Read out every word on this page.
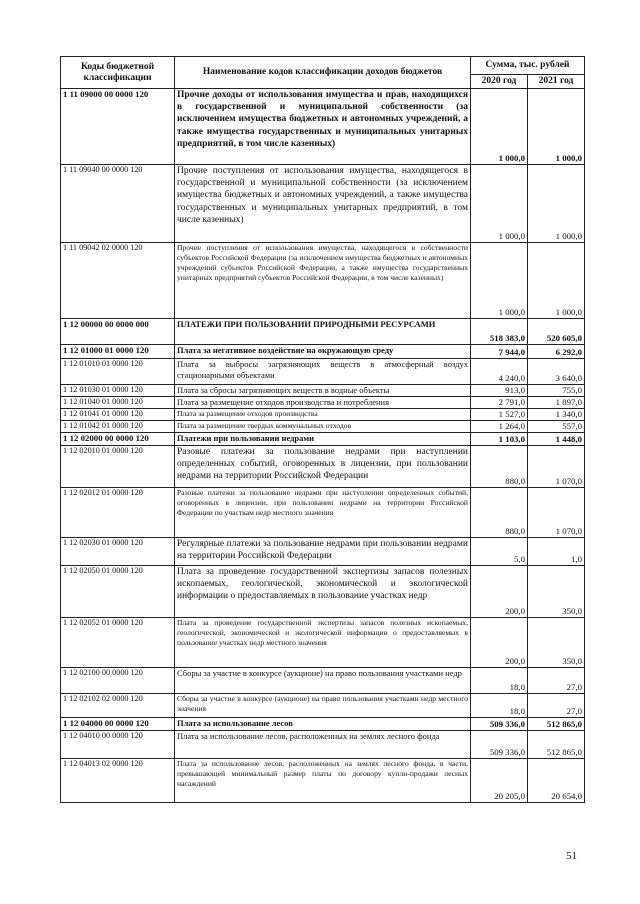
Коды бюджетной классификации	Наименование кодов классификации доходов бюджетов	Сумма, тыс. рублей	
		2020 год	2021 год
1 11 09000 00 0000 120	Прочие доходы от использования имущества и прав, находящихся в государственной и муниципальной собственности (за исключением имущества бюджетных и автономных учреждений, а также имущества государственных и муниципальных унитарных предприятий, в том числе казенных)	1 000,0	1 000,0
1 11 09040 00 0000 120	Прочие поступления от использования имущества, находящегося в государственной и муниципальной собственности (за исключением имущества бюджетных и автономных учреждений, а также имущества государственных и муниципальных унитарных предприятий, в том числе казенных)	1 000,0	1 000,0
1 11 09042 02 0000 120	Прочие поступления от использования имущества, находящегося в собственности субъектов Российской Федерации (за исключением имущества бюджетных и автономных учреждений субъектов Российской Федерации, а также имущества государственных унитарных предприятий субъектов Российской Федерации, в том числе казенных)	1 000,0	1 000,0
1 12 00000 00 0000 000	ПЛАТЕЖИ ПРИ ПОЛЬЗОВАНИИ ПРИРОДНЫМИ РЕСУРСАМИ	518 383,0	520 605,0
1 12 01000 01 0000 120	Плата за негативное воздействие на окружающую среду	7 944,0	6 292,0
1 12 01010 01 0000 120	Плата за выбросы загрязняющих веществ в атмосферный воздух стационарными объектами	4 240,0	3 640,0
1 12 01030 01 0000 120	Плата за сбросы загрязняющих веществ в водные объекты	913,0	755,0
1 12 01040 01 0000 120	Плата за размещение отходов производства и потребления	2 791,0	1 897,0
1 12 01041 01 0000 120	Плата за размещение отходов производства	1 527,0	1 340,0
1 12 01042 01 0000 120	Плата за размещение твердых коммунальных отходов	1 264,0	557,0
1 12 02000 00 0000 120	Платежи при пользовании недрами	1 103,0	1 448,0
1 12 02010 01 0000 120	Разовые платежи за пользование недрами при наступлении определенных событий, оговоренных в лицензии, при пользовании недрами на территории Российской Федерации	880,0	1 070,0
1 12 02012 01 0000 120	Разовые платежи за пользование недрами при наступлении определенных событий, оговоренных в лицензии, при пользовании недрами на территории Российской Федерации по участкам недр местного значения	880,0	1 070,0
1 12 02030 01 0000 120	Регулярные платежи за пользование недрами при пользовании недрами на территории Российской Федерации	5,0	1,0
1 12 02050 01 0000 120	Плата за проведение государственной экспертизы запасов полезных ископаемых, геологической, экономической и экологической информации о предоставляемых в пользование участках недр	200,0	350,0
1 12 02052 01 0000 120	Плата за проведение государственной экспертизы запасов полезных ископаемых, геологической, экономической и экологической информации о предоставляемых в пользование участках недр местного значения	200,0	350,0
1 12 02100 00 0000 120	Сборы за участие в конкурсе (аукционе) на право пользования участками недр	18,0	27,0
1 12 02102 02 0000 120	Сборы за участие в конкурсе (аукционе) на право пользования участками недр местного значения	18,0	27,0
1 12 04000 00 0000 120	Плата за использование лесов	509 336,0	512 865,0
1 12 04010 00 0000 120	Плата за использование лесов, расположенных на землях лесного фонда	509 336,0	512 865,0
1 12 04013 02 0000 120	Плата за использование лесов, расположенных на землях лесного фонда, в части, превышающей минимальный размер платы по договору купли-продажи лесных насаждений	20 205,0	20 654,0
51
